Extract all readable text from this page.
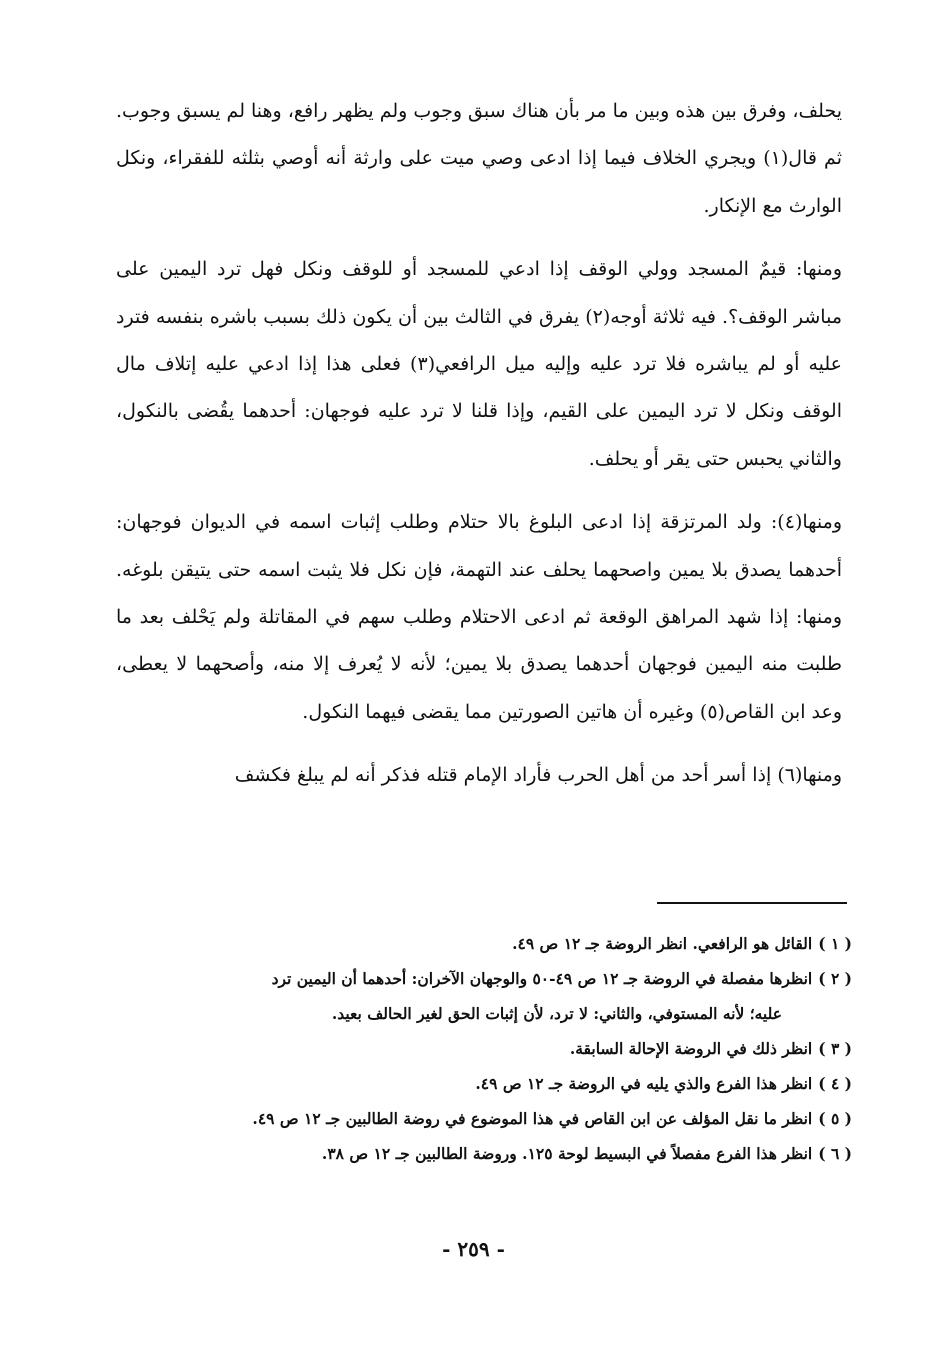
يحلف، وفرق بين هذه وبين ما مر بأن هناك سبق وجوب ولم يظهر رافع، وهنا لم يسبق وجوب. ثم قال(١) ويجري الخلاف فيما إذا ادعى وصي ميت على وارثة أنه أوصي بثلثه للفقراء، ونكل الوارث مع الإنكار.

ومنها: قيمٌ المسجد وولي الوقف إذا ادعي للمسجد أو للوقف ونكل فهل ترد اليمين على مباشر الوقف؟. فيه ثلاثة أوجه(٢) يفرق في الثالث بين أن يكون ذلك بسبب باشره بنفسه فترد عليه أو لم يباشره فلا ترد عليه وإليه ميل الرافعي(٣) فعلى هذا إذا ادعي عليه إتلاف مال الوقف ونكل لا ترد اليمين على القيم، وإذا قلنا لا ترد عليه فوجهان: أحدهما يقُضى بالنكول، والثاني يحبس حتى يقر أو يحلف.

ومنها(٤): ولد المرتزقة إذا ادعى البلوغ بالا حتلام وطلب إثبات اسمه في الديوان فوجهان: أحدهما يصدق بلا يمين واصحهما يحلف عند التهمة، فإن نكل فلا يثبت اسمه حتى يتيقن بلوغه. ومنها: إذا شهد المراهق الوقعة ثم ادعى الاحتلام وطلب سهم في المقاتلة ولم يَحْلف بعد ما طلبت منه اليمين فوجهان أحدهما يصدق بلا يمين؛ لأنه لا يُعرف إلا منه، وأصحهما لا يعطى، وعد ابن القاص(٥) وغيره أن هاتين الصورتين مما يقضى فيهما النكول.

ومنها(٦) إذا أسر أحد من أهل الحرب فأراد الإمام قتله فذكر أنه لم يبلغ فكشف

( ١ )القائل هو الرافعي. انظر الروضة جـ ١٢ ص ٤٩.

( ٢ )انظرها مفصلة في الروضة جـ ١٢ ص ٤٩-٥٠ والوجهان الآخران: أحدهما أن اليمين ترد

عليه؛ لأنه المستوفي، والثاني: لا ترد، لأن إثبات الحق لغير الحالف بعيد.

( ٣ )انظر ذلك في الروضة الإحالة السابقة.

( ٤ )انظر هذا الفرع والذي يليه في الروضة جـ ١٢ ص ٤٩.

( ٥ )انظر ما نقل المؤلف عن ابن القاص في هذا الموضوع في روضة الطالبين جـ ١٢ ص ٤٩.

( ٦ )انظر هذا الفرع مفصلاً في البسيط لوحة ١٢٥. وروضة الطالبين جـ ١٢ ص ٣٨.

- ٢٥٩ -
